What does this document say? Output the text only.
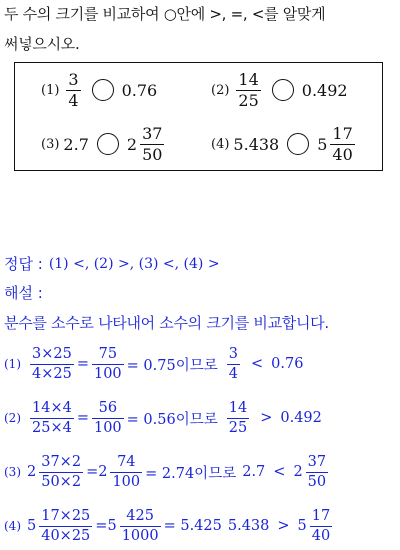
두 수의 크기를 비교하여 ○안에 >, =, <를 알맞게
써넣으시오.
$(1) \frac{3}{4}$	0.76	$(2) \frac{14}{25}$	0.492
(3) 2.7 $2 \frac{37}{50}$	(4) 5.438 $5 \frac{17}{40}$
정답 : (1) <, (2) >, (3) <, (4) >
해설 :
분수를 소수로 나타내어 소수의 크기를 비교합니다.
$(1) \frac{3\times 25}{4\times 25} = \frac{75}{100} = 0.75$이므로 $\frac{3}{4} < 0.76$
$(2) \frac{14\times 4}{25\times 4} = \frac{56}{100} = 0.56$이므로 $\frac{14}{25} > 0.492$
(3) $2 \frac{37\times 2}{50\times 2} = 2 \frac{74}{100} = 2.74$이므로 $2.7 < 2 \frac{37}{50}$
(4) $5 \frac{17\times 25}{40\times 25} = 5 \frac{425}{1000} = 5.425$ $5.438 > 5 \frac{17}{40}$
